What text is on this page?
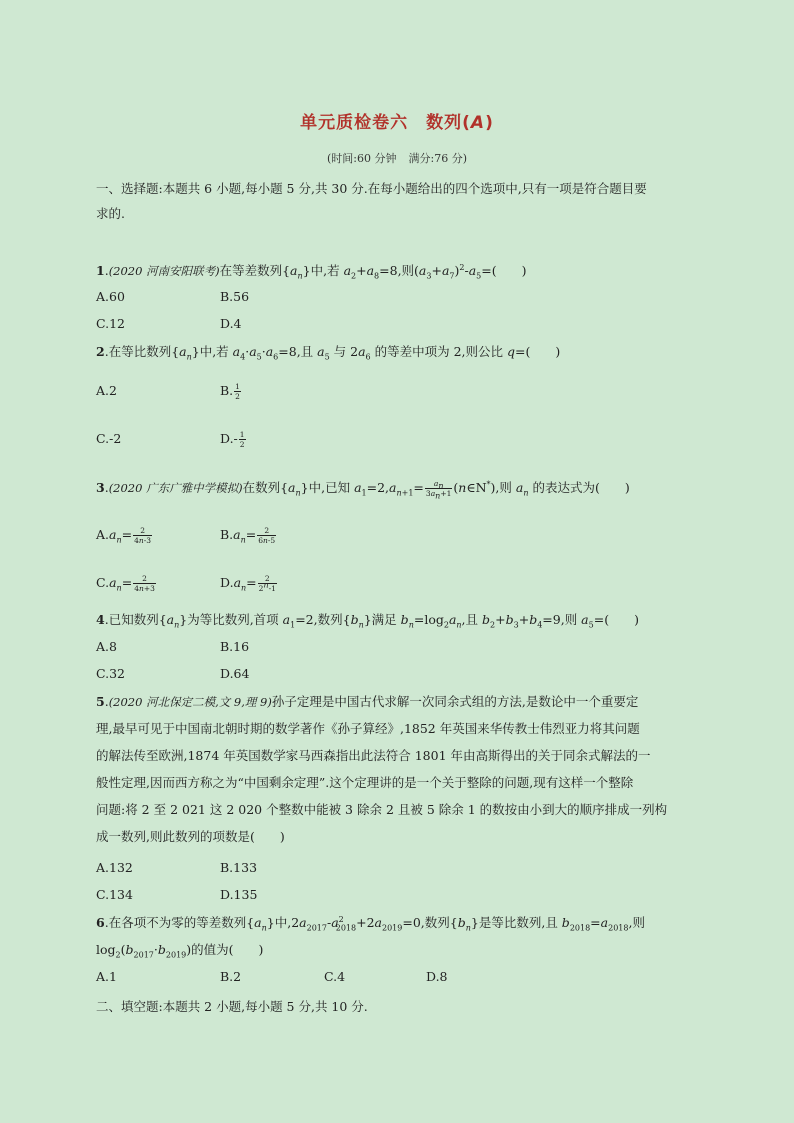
单元质检卷六 数列(A)
(时间:60 分钟 满分:76 分)
一、选择题:本题共 6 小题,每小题 5 分,共 30 分.在每小题给出的四个选项中,只有一项是符合题目要
求的.
1.(2020 河南安阳联考)在等差数列$\{a_n\}$中,若 $a_2+a_8=8$,则$(a_3+a_7)^2-a_5=$(　　)
A.60	B.56
C.12	D.4
2.在等比数列$\{a_n\}$中,若 $a_4\cdot a_5\cdot a_6=8$,且 $a_5$ 与 $2a_6$ 的等差中项为 2,则公比 q=(　　)
A.2	B. $\frac{1}{2}$
C.-2	$D.- \frac{1}{2}$
3.(2020 广东广雅中学模拟)在数列$\{a_n\}$中,已知 $a_1=2,a_{n+1}= \frac{a_n}{3a_n+1}$ (n∈N*),则 $a_n$ 的表达式为(　　)
$A.a_n= \frac{2}{4n-3}$	$B.a_n= \frac{2}{6n-5}$
$C.a_n= \frac{2}{4n+3}$	$D.a_n= \frac{2}{2^n-1}$
4.已知数列$\{a_n\}$为等比数列,首项 $a_1=2$,数列$\{b_n\}$满足 $b_n=\log_2a_n$,且 $b_2+b_3+b_4=9$,则 $a_5=$(　　)
A.8	B.16
C.32	D.64
5.(2020 河北保定二模,文 9,理 9)孙子定理是中国古代求解一次同余式组的方法,是数论中一个重要定
理,最早可见于中国南北朝时期的数学著作《孙子算经》,1852 年英国来华传教士伟烈亚力将其问题
的解法传至欧洲,1874 年英国数学家马西森指出此法符合 1801 年由高斯得出的关于同余式解法的一
般性定理,因而西方称之为“中国剩余定理”.这个定理讲的是一个关于整除的问题,现有这样一个整除
问题:将 2 至 2 021 这 2 020 个整数中能被 3 除余 2 且被 5 除余 1 的数按由小到大的顺序排成一列构
成一数列,则此数列的项数是(　　)
A.132	B.133
C.134	D.135
6.在各项不为零的等差数列$\{a_n\}$中$,2a_{2017}-a^2_{2018}+2a_{2019}=0$,数列$\{b_n\}$是等比数列,且 $b_{2018}=a_{2018}$,则
$\log_2(b_{2017}\cdot b_{2019})$的值为(　　)
A.1	B.2	C.4	D.8
二、填空题:本题共 2 小题,每小题 5 分,共 10 分.
